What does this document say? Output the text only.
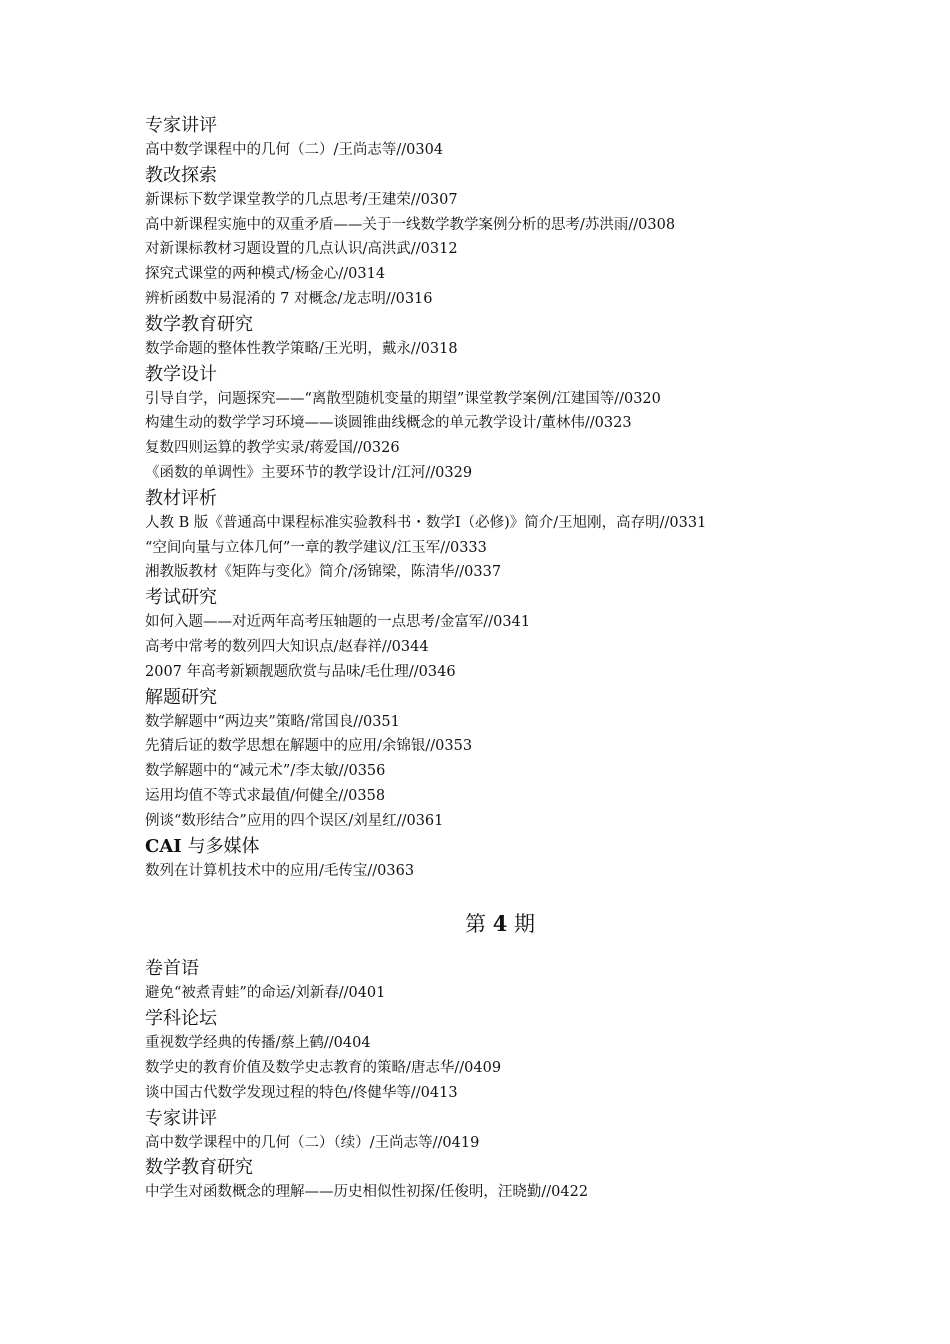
专家讲评
高中数学课程中的几何（二）/王尚志等//0304
教改探索
新课标下数学课堂教学的几点思考/王建荣//0307
高中新课程实施中的双重矛盾——关于一线数学教学案例分析的思考/苏洪雨//0308
对新课标教材习题设置的几点认识/高洪武//0312
探究式课堂的两种模式/杨金心//0314
辨析函数中易混淆的 7 对概念/龙志明//0316
数学教育研究
数学命题的整体性教学策略/王光明，戴永//0318
教学设计
引导自学，问题探究——“离散型随机变量的期望”课堂教学案例/江建国等//0320
构建生动的数学学习环境——谈圆锥曲线概念的单元教学设计/董林伟//0323
复数四则运算的教学实录/蒋爱国//0326
《函数的单调性》主要环节的教学设计/江河//0329
教材评析
人教 B 版《普通高中课程标准实验教科书・数学Ⅰ（必修)》简介/王旭刚，高存明//0331
“空间向量与立体几何”一章的教学建议/江玉军//0333
湘教版教材《矩阵与变化》简介/汤锦梁，陈清华//0337
考试研究
如何入题——对近两年高考压轴题的一点思考/金富军//0341
高考中常考的数列四大知识点/赵春祥//0344
2007 年高考新颖靓题欣赏与品味/毛仕理//0346
解题研究
数学解题中“两边夹”策略/常国良//0351
先猜后证的数学思想在解题中的应用/余锦银//0353
数学解题中的“减元术”/李太敏//0356
运用均值不等式求最值/何健全//0358
例谈“数形结合”应用的四个误区/刘星红//0361
CAI 与多媒体
数列在计算机技术中的应用/毛传宝//0363
第 4 期
卷首语
避免“被煮青蛙”的命运/刘新春//0401
学科论坛
重视数学经典的传播/蔡上鹤//0404
数学史的教育价值及数学史志教育的策略/唐志华//0409
谈中国古代数学发现过程的特色/佟健华等//0413
专家讲评
高中数学课程中的几何（二）（续）/王尚志等//0419
数学教育研究
中学生对函数概念的理解——历史相似性初探/任俊明，汪晓勤//0422
